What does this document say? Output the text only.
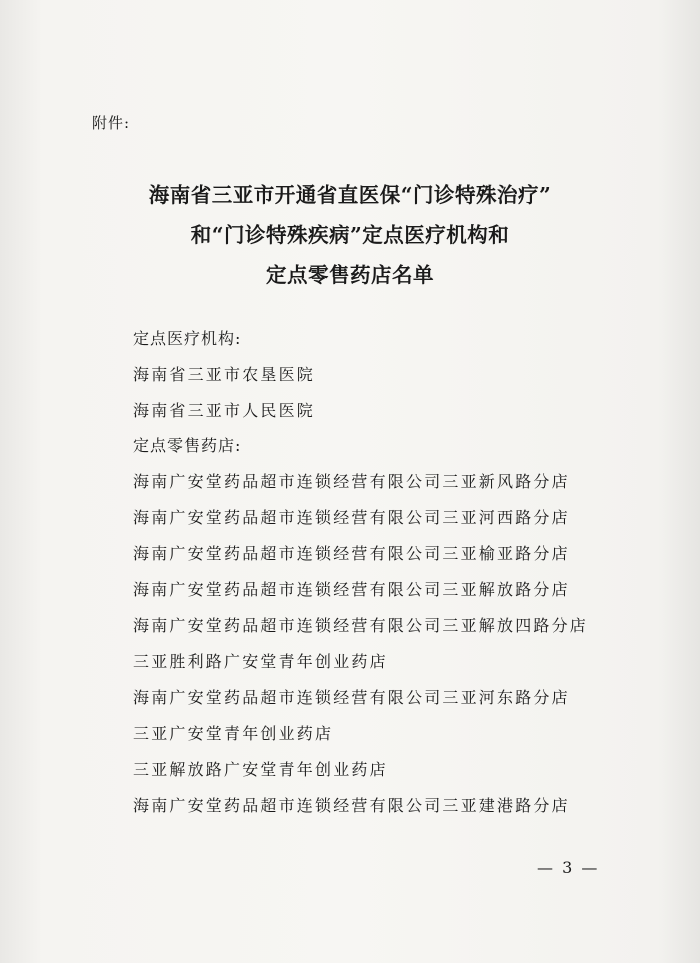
附件:
海南省三亚市开通省直医保“门诊特殊治疗”
和“门诊特殊疾病”定点医疗机构和
定点零售药店名单
定点医疗机构:
海南省三亚市农垦医院
海南省三亚市人民医院
定点零售药店:
海南广安堂药品超市连锁经营有限公司三亚新风路分店
海南广安堂药品超市连锁经营有限公司三亚河西路分店
海南广安堂药品超市连锁经营有限公司三亚榆亚路分店
海南广安堂药品超市连锁经营有限公司三亚解放路分店
海南广安堂药品超市连锁经营有限公司三亚解放四路分店
三亚胜利路广安堂青年创业药店
海南广安堂药品超市连锁经营有限公司三亚河东路分店
三亚广安堂青年创业药店
三亚解放路广安堂青年创业药店
海南广安堂药品超市连锁经营有限公司三亚建港路分店
— 3 —
